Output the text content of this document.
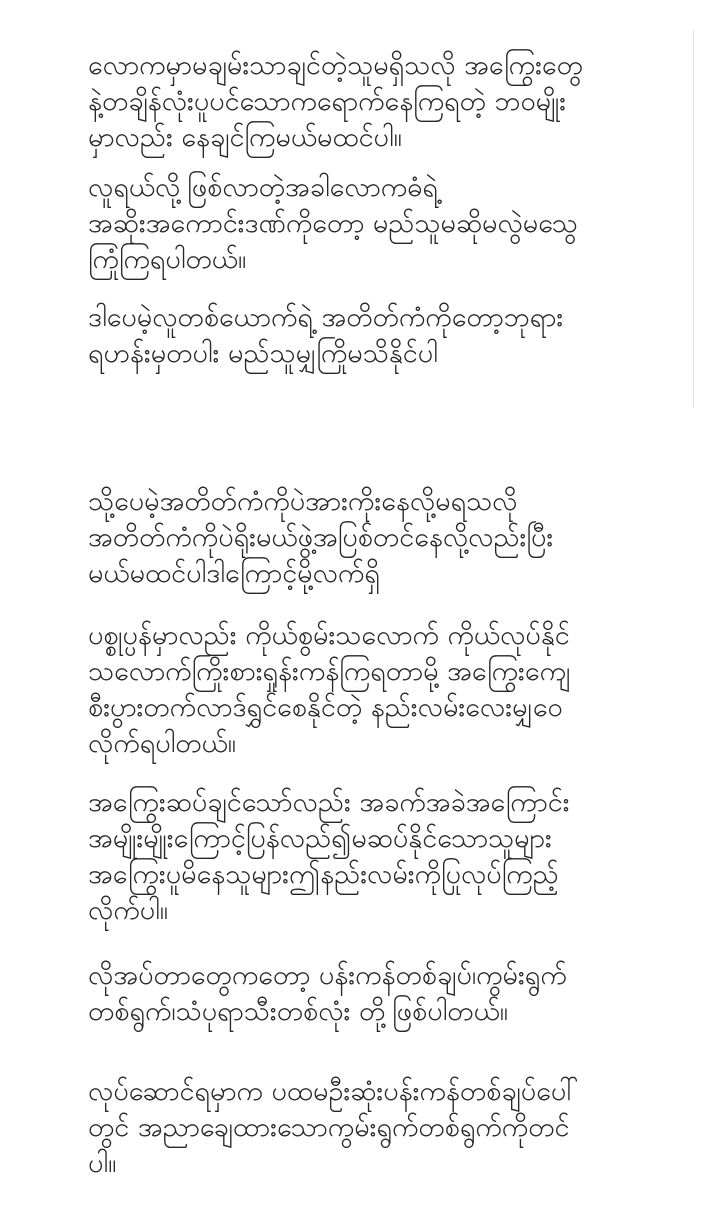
လောကမှာမချမ်းသာချင်တဲ့သူမရှိသလို အကြွေးတွေ
နဲ့တချိန်လုံးပူပင်သောကရောက်နေကြရတဲ့ ဘဝမျိုး
မှာလည်း နေချင်ကြမယ်မထင်ပါ။

လူရယ်လို့ဖြစ်လာတဲ့အခါလောကဓံရဲ့
အဆိုးအကောင်းဒဏ်ကိုတော့ မည်သူမဆိုမလွဲမသွေ
ကြုံကြရပါတယ်။

ဒါပေမဲ့လူတစ်ယောက်ရဲ့ အတိတ်ကံကိုတော့ဘုရား
ရဟန်းမှတပါး မည်သူမျှကြိုမသိနိုင်ပါ

သို့ပေမဲ့အတိတ်ကံကိုပဲအားကိုးနေလို့မရသလို
အတိတ်ကံကိုပဲရိုးမယ်ဖွဲ့အပြစ်တင်နေလို့လည်းပြီး
မယ်မထင်ပါဒါကြောင့်မို့လက်ရှိ

ပစ္စုပ္ပန်မှာလည်း ကိုယ်စွမ်းသလောက် ကိုယ်လုပ်နိုင်
သလောက်ကြိုးစားရှုန်းကန်ကြရတာမို့ အကြွေးကျေ
စီးပွားတက်လာဒ်ရွှင်စေနိုင်တဲ့ နည်းလမ်းလေးမျှဝေ
လိုက်ရပါတယ်။

အကြွေးဆပ်ချင်သော်လည်း အခက်အခဲအကြောင်း
အမျိုးမျိုးကြောင့်ပြန်လည်၍မဆပ်နိုင်သောသူများ
အကြွေးပူမိနေသူများဤနည်းလမ်းကိုပြုလုပ်ကြည့်
လိုက်ပါ။

လိုအပ်တာတွေကတော့ ပန်းကန်တစ်ချပ်၊ကွမ်းရွက်
တစ်ရွက်၊သံပုရာသီးတစ်လုံး တို့ဖြစ်ပါတယ်။

လုပ်ဆောင်ရမှာက ပထမဦးဆုံးပန်းကန်တစ်ချပ်ပေါ်
တွင် အညာချေထားသောကွမ်းရွက်တစ်ရွက်ကိုတင်
ပါ။
